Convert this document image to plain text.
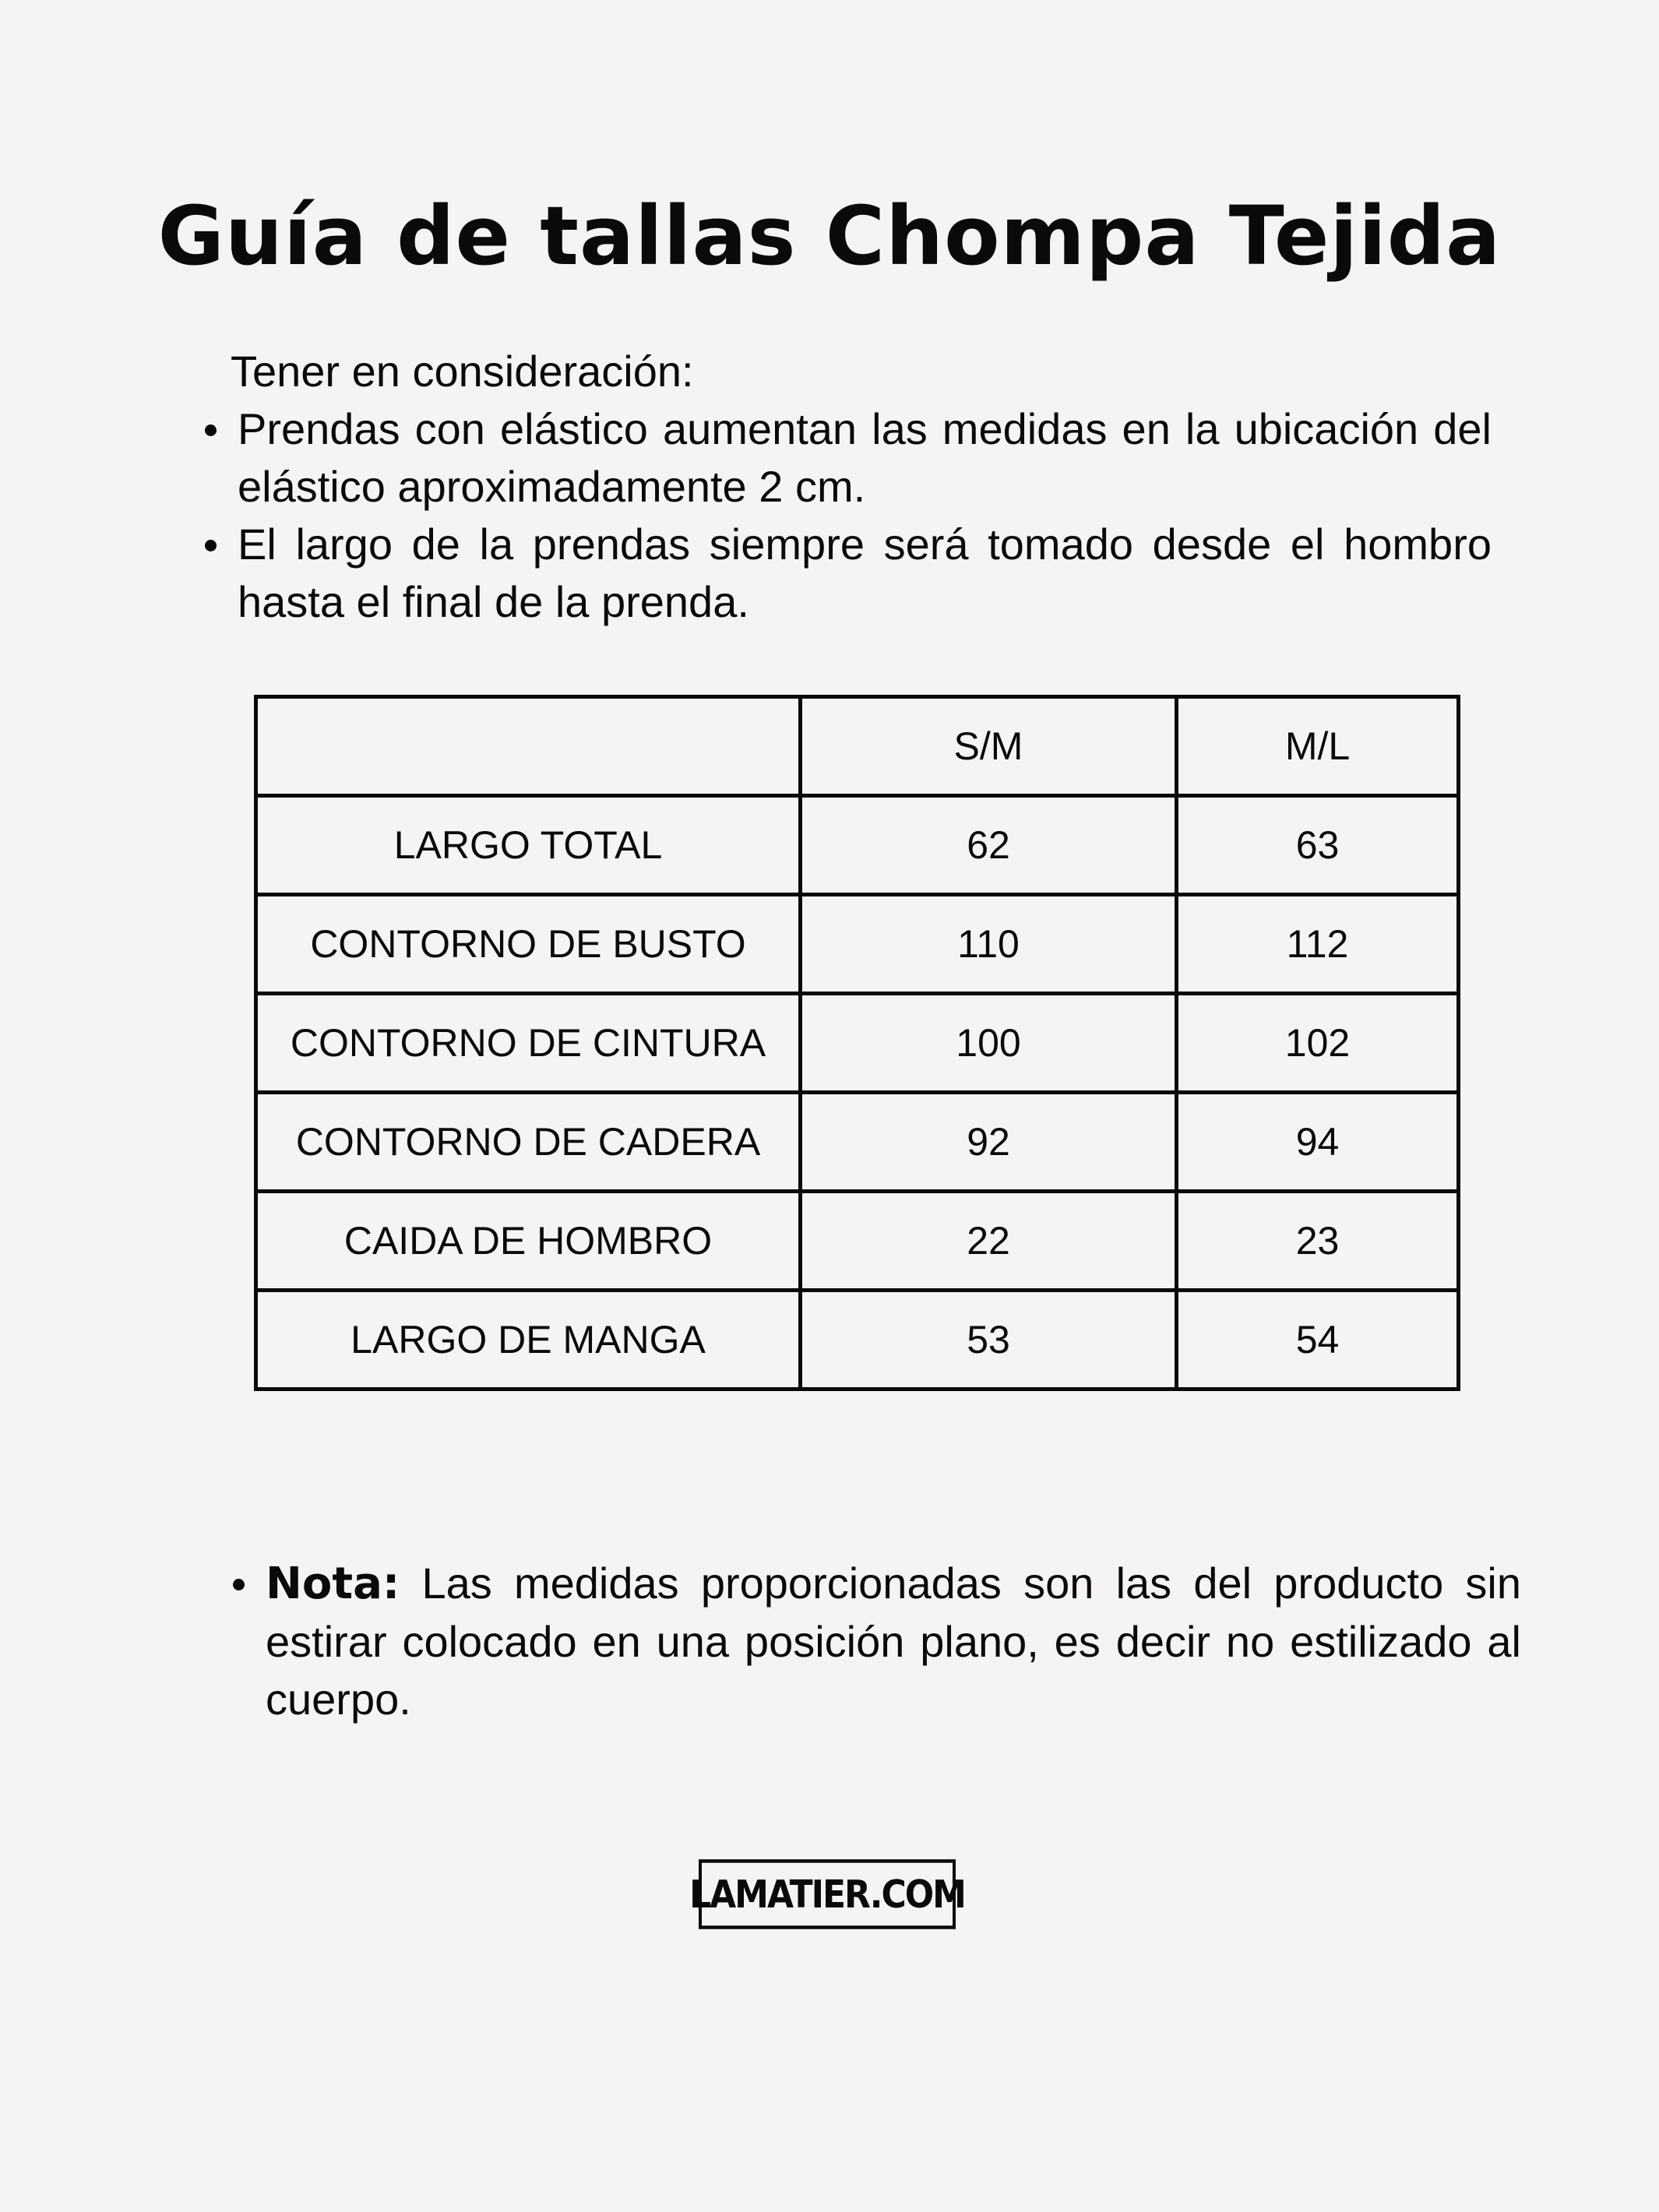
Guía de tallas Chompa Tejida
Tener en consideración:
Prendas con elástico aumentan las medidas en la ubicación del elástico aproximadamente 2 cm.
El largo de la prendas siempre será tomado desde el hombro hasta el final de la prenda.
	S/M	M/L
LARGO TOTAL	62	63
CONTORNO DE BUSTO	110	112
CONTORNO DE CINTURA	100	102
CONTORNO DE CADERA	92	94
CAIDA DE HOMBRO	22	23
LARGO DE MANGA	53	54
Nota: Las medidas proporcionadas son las del producto sin estirar colocado en una posición plano, es decir no estilizado al cuerpo.
LAMATIER.COM
